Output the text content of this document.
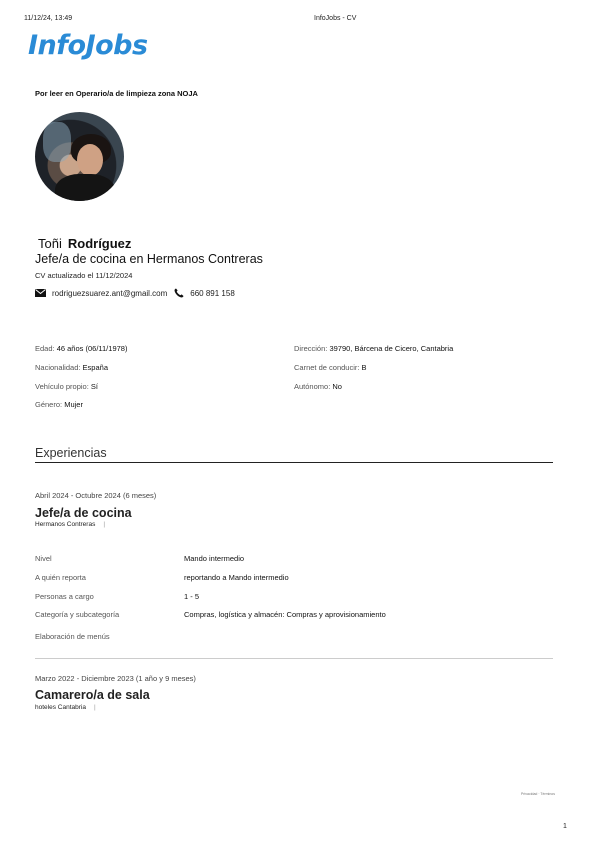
11/12/24, 13:49	InfoJobs - CV
InfoJobs
Por leer en Operario/a de limpieza zona NOJA
Toñi Rodríguez
Jefe/a de cocina en Hermanos Contreras
CV actualizado el 11/12/2024
rodriguezsuarez.ant@gmail.com	660 891 158
Edad: 46 años (06/11/1978)
Nacionalidad: España
Vehículo propio: Sí
Género: Mujer
Dirección: 39790, Bárcena de Cicero, Cantabria
Carnet de conducir: B
Autónomo: No
Experiencias
Abril 2024 - Octubre 2024 (6 meses)
Jefe/a de cocina
Hermanos Contreras |
Nivel	Mando intermedio
A quién reporta	reportando a Mando intermedio
Personas a cargo	1 - 5
Categoría y subcategoría	Compras, logística y almacén: Compras y aprovisionamiento
Elaboración de menús
Marzo 2022 - Diciembre 2023 (1 año y 9 meses)
Camarero/a de sala
hoteles Cantabria |
Privacidad · Términos
1
